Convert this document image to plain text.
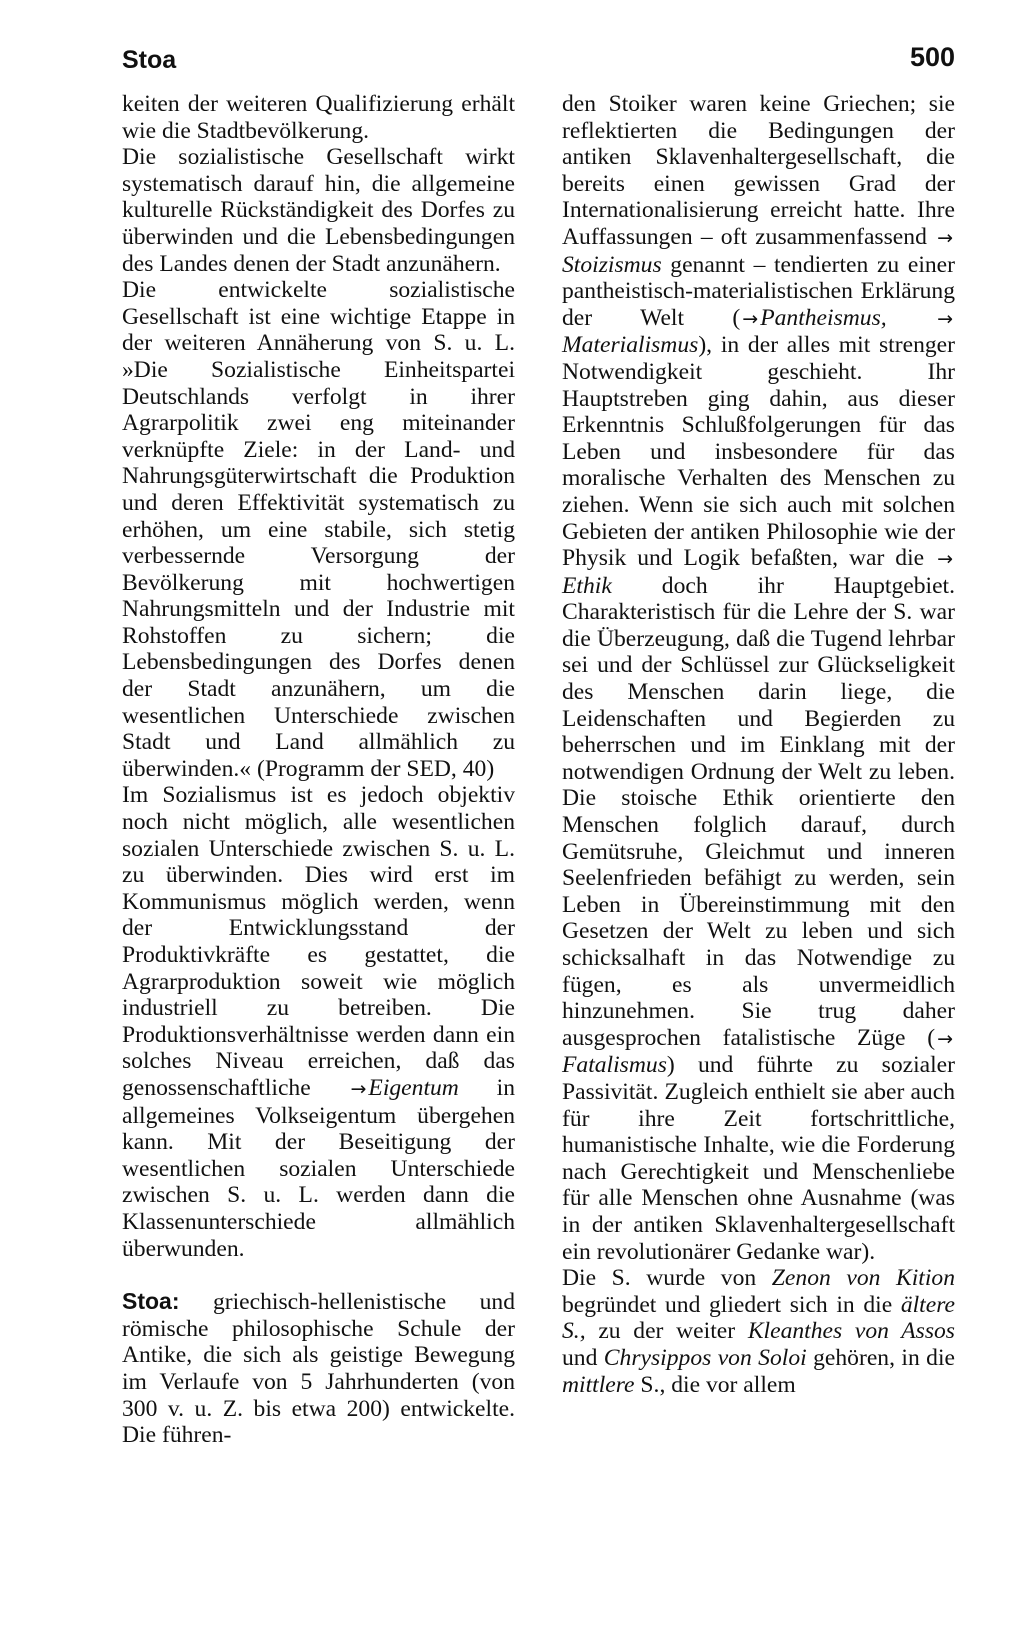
Stoa	500

keiten der weiteren Qualifizierung erhält wie die Stadtbevölkerung.

Die sozialistische Gesellschaft wirkt systematisch darauf hin, die allgemeine kulturelle Rückständigkeit des Dorfes zu überwinden und die Lebensbedingungen des Landes denen der Stadt anzunähern.

Die entwickelte sozialistische Gesellschaft ist eine wichtige Etappe in der weiteren Annäherung von S. u. L. »Die Sozialistische Einheitspartei Deutschlands verfolgt in ihrer Agrarpolitik zwei eng miteinander verknüpfte Ziele: in der Land- und Nahrungsgüterwirtschaft die Produktion und deren Effektivität systematisch zu erhöhen, um eine stabile, sich stetig verbessernde Versorgung der Bevölkerung mit hochwertigen Nahrungsmitteln und der Industrie mit Rohstoffen zu sichern; die Lebensbedingungen des Dorfes denen der Stadt anzunähern, um die wesentlichen Unterschiede zwischen Stadt und Land allmählich zu überwinden.« (Programm der SED, 40)

Im Sozialismus ist es jedoch objektiv noch nicht möglich, alle wesentlichen sozialen Unterschiede zwischen S. u. L. zu überwinden. Dies wird erst im Kommunismus möglich werden, wenn der Entwicklungsstand der Produktivkräfte es gestattet, die Agrarproduktion soweit wie möglich industriell zu betreiben. Die Produktionsverhältnisse werden dann ein solches Niveau erreichen, daß das genossenschaftliche →Eigentum in allgemeines Volkseigentum übergehen kann. Mit der Beseitigung der wesentlichen sozialen Unterschiede zwischen S. u. L. werden dann die Klassenunterschiede allmählich überwunden.

Stoa: griechisch-hellenistische und römische philosophische Schule der Antike, die sich als geistige Bewegung im Verlaufe von 5 Jahrhunderten (von 300 v. u. Z. bis etwa 200) entwickelte. Die führen-

den Stoiker waren keine Griechen; sie reflektierten die Bedingungen der antiken Sklavenhaltergesellschaft, die bereits einen gewissen Grad der Internationalisierung erreicht hatte. Ihre Auffassungen – oft zusammenfassend →Stoizismus genannt – tendierten zu einer pantheistisch-materialistischen Erklärung der Welt ( →Pantheismus,	→Materialismus), in der alles mit strenger Notwendigkeit geschieht. Ihr Hauptstreben ging dahin, aus dieser Erkenntnis Schlußfolgerungen für das Leben und insbesondere für das moralische Verhalten des Menschen zu ziehen. Wenn sie sich auch mit solchen Gebieten der antiken Philosophie wie der Physik und Logik befaßten, war die →Ethik doch ihr Hauptgebiet. Charakteristisch für die Lehre der S. war die Überzeugung, daß die Tugend lehrbar sei und der Schlüssel zur Glückseligkeit des Menschen darin liege, die Leidenschaften und Begierden zu beherrschen und im Einklang mit der notwendigen Ordnung der Welt zu leben. Die stoische Ethik orientierte den Menschen folglich darauf, durch Gemütsruhe, Gleichmut und inneren Seelenfrieden befähigt zu werden, sein Leben in Übereinstimmung mit den Gesetzen der Welt zu leben und sich schicksalhaft in das Notwendige zu fügen, es als unvermeidlich hinzunehmen. Sie trug daher ausgesprochen fatalistische Züge ( →Fatalismus) und führte zu sozialer Passivität. Zugleich enthielt sie aber auch für ihre Zeit fortschrittliche, humanistische Inhalte, wie die Forderung nach Gerechtigkeit und Menschenliebe für alle Menschen ohne Ausnahme (was in der antiken Sklavenhaltergesellschaft ein revolutionärer Gedanke war).

Die S. wurde von Zenon von Kition begründet und gliedert sich in die ältere S., zu der weiter Kleanthes von Assos und Chrysippos von Soloi gehören, in die mittlere S., die vor allem
